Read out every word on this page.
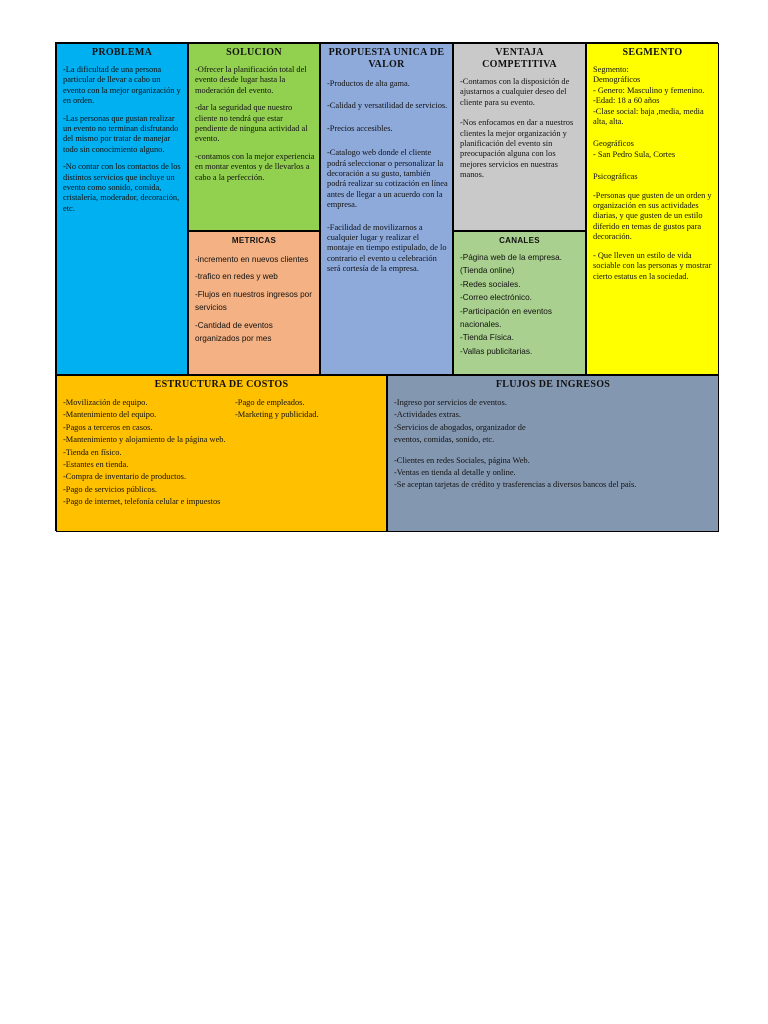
PROBLEMA

-La dificultad de una persona particular de llevar a cabo un evento con la mejor organización y en orden.

-Las personas que gustan realizar un evento no terminan disfrutando del mismo por tratar de manejar todo sin conocimiento alguno.

-No contar con los contactos de los distintos servicios que incluye un evento como sonido, comida, cristalería, moderador, decoración, etc.

SOLUCION

-Ofrecer la planificación total del evento desde lugar hasta la moderación del evento.

-dar la seguridad que nuestro cliente no tendrá que estar pendiente de ninguna actividad al evento.

-contamos con la mejor experiencia en montar eventos y de llevarlos a cabo a la perfección.

METRICAS

-incremento en nuevos clientes

-trafico en redes y web

-Flujos en nuestros ingresos por servicios

-Cantidad de eventos organizados por mes

PROPUESTA UNICA DE VALOR

-Productos de alta gama.

-Calidad y versatilidad de servicios.

-Precios accesibles.

-Catalogo web donde el cliente podrá seleccionar o personalizar la decoración a su gusto, también podrá realizar su cotización en línea antes de llegar a un acuerdo con la empresa.

-Facilidad de movilizarnos a cualquier lugar y realizar el montaje en tiempo estipulado, de lo contrario el evento u celebración será cortesía de la empresa.

VENTAJA COMPETITIVA

-Contamos con la disposición de ajustarnos a cualquier deseo del cliente para su evento.

-Nos enfocamos en dar a nuestros clientes la mejor organización y planificación del evento sin preocupación alguna con los mejores servicios en nuestras manos.

CANALES

-Página web de la empresa.(Tienda online)

-Redes sociales.

-Correo electrónico.

-Participación en eventos nacionales.

-Tienda Física.

-Vallas publicitarias.

SEGMENTO

Segmento:
Demográficos
- Genero: Masculino y femenino.
-Edad: 18 a 60 años
-Clase social: baja ,media, media alta, alta.

Geográficos
- San Pedro Sula, Cortes

Psicográficas

-Personas que gusten de un orden y organización en sus actividades diarias, y que gusten de un estilo diferido en temas de gustos para decoración.

- Que lleven un estilo de vida sociable con las personas y mostrar cierto estatus en la sociedad.

ESTRUCTURA DE COSTOS

-Movilización de equipo.

-Mantenimiento del equipo.

-Pago de empleados.

-Marketing y publicidad.

-Pagos a terceros en casos.

-Mantenimiento y alojamiento de la página web.

-Tienda en físico.

-Estantes en tienda.

-Compra de inventario de productos.

-Pago de servicios públicos.

-Pago de internet, telefonía celular e impuestos

FLUJOS DE INGRESOS

-Ingreso por servicios de eventos.
-Actividades extras.
-Servicios de abogados, organizador de eventos, comidas, sonido, etc.

-Clientes en redes Sociales, página Web.
-Ventas en tienda al detalle y online.
-Se aceptan tarjetas de crédito y trasferencias a diversos bancos del país.
